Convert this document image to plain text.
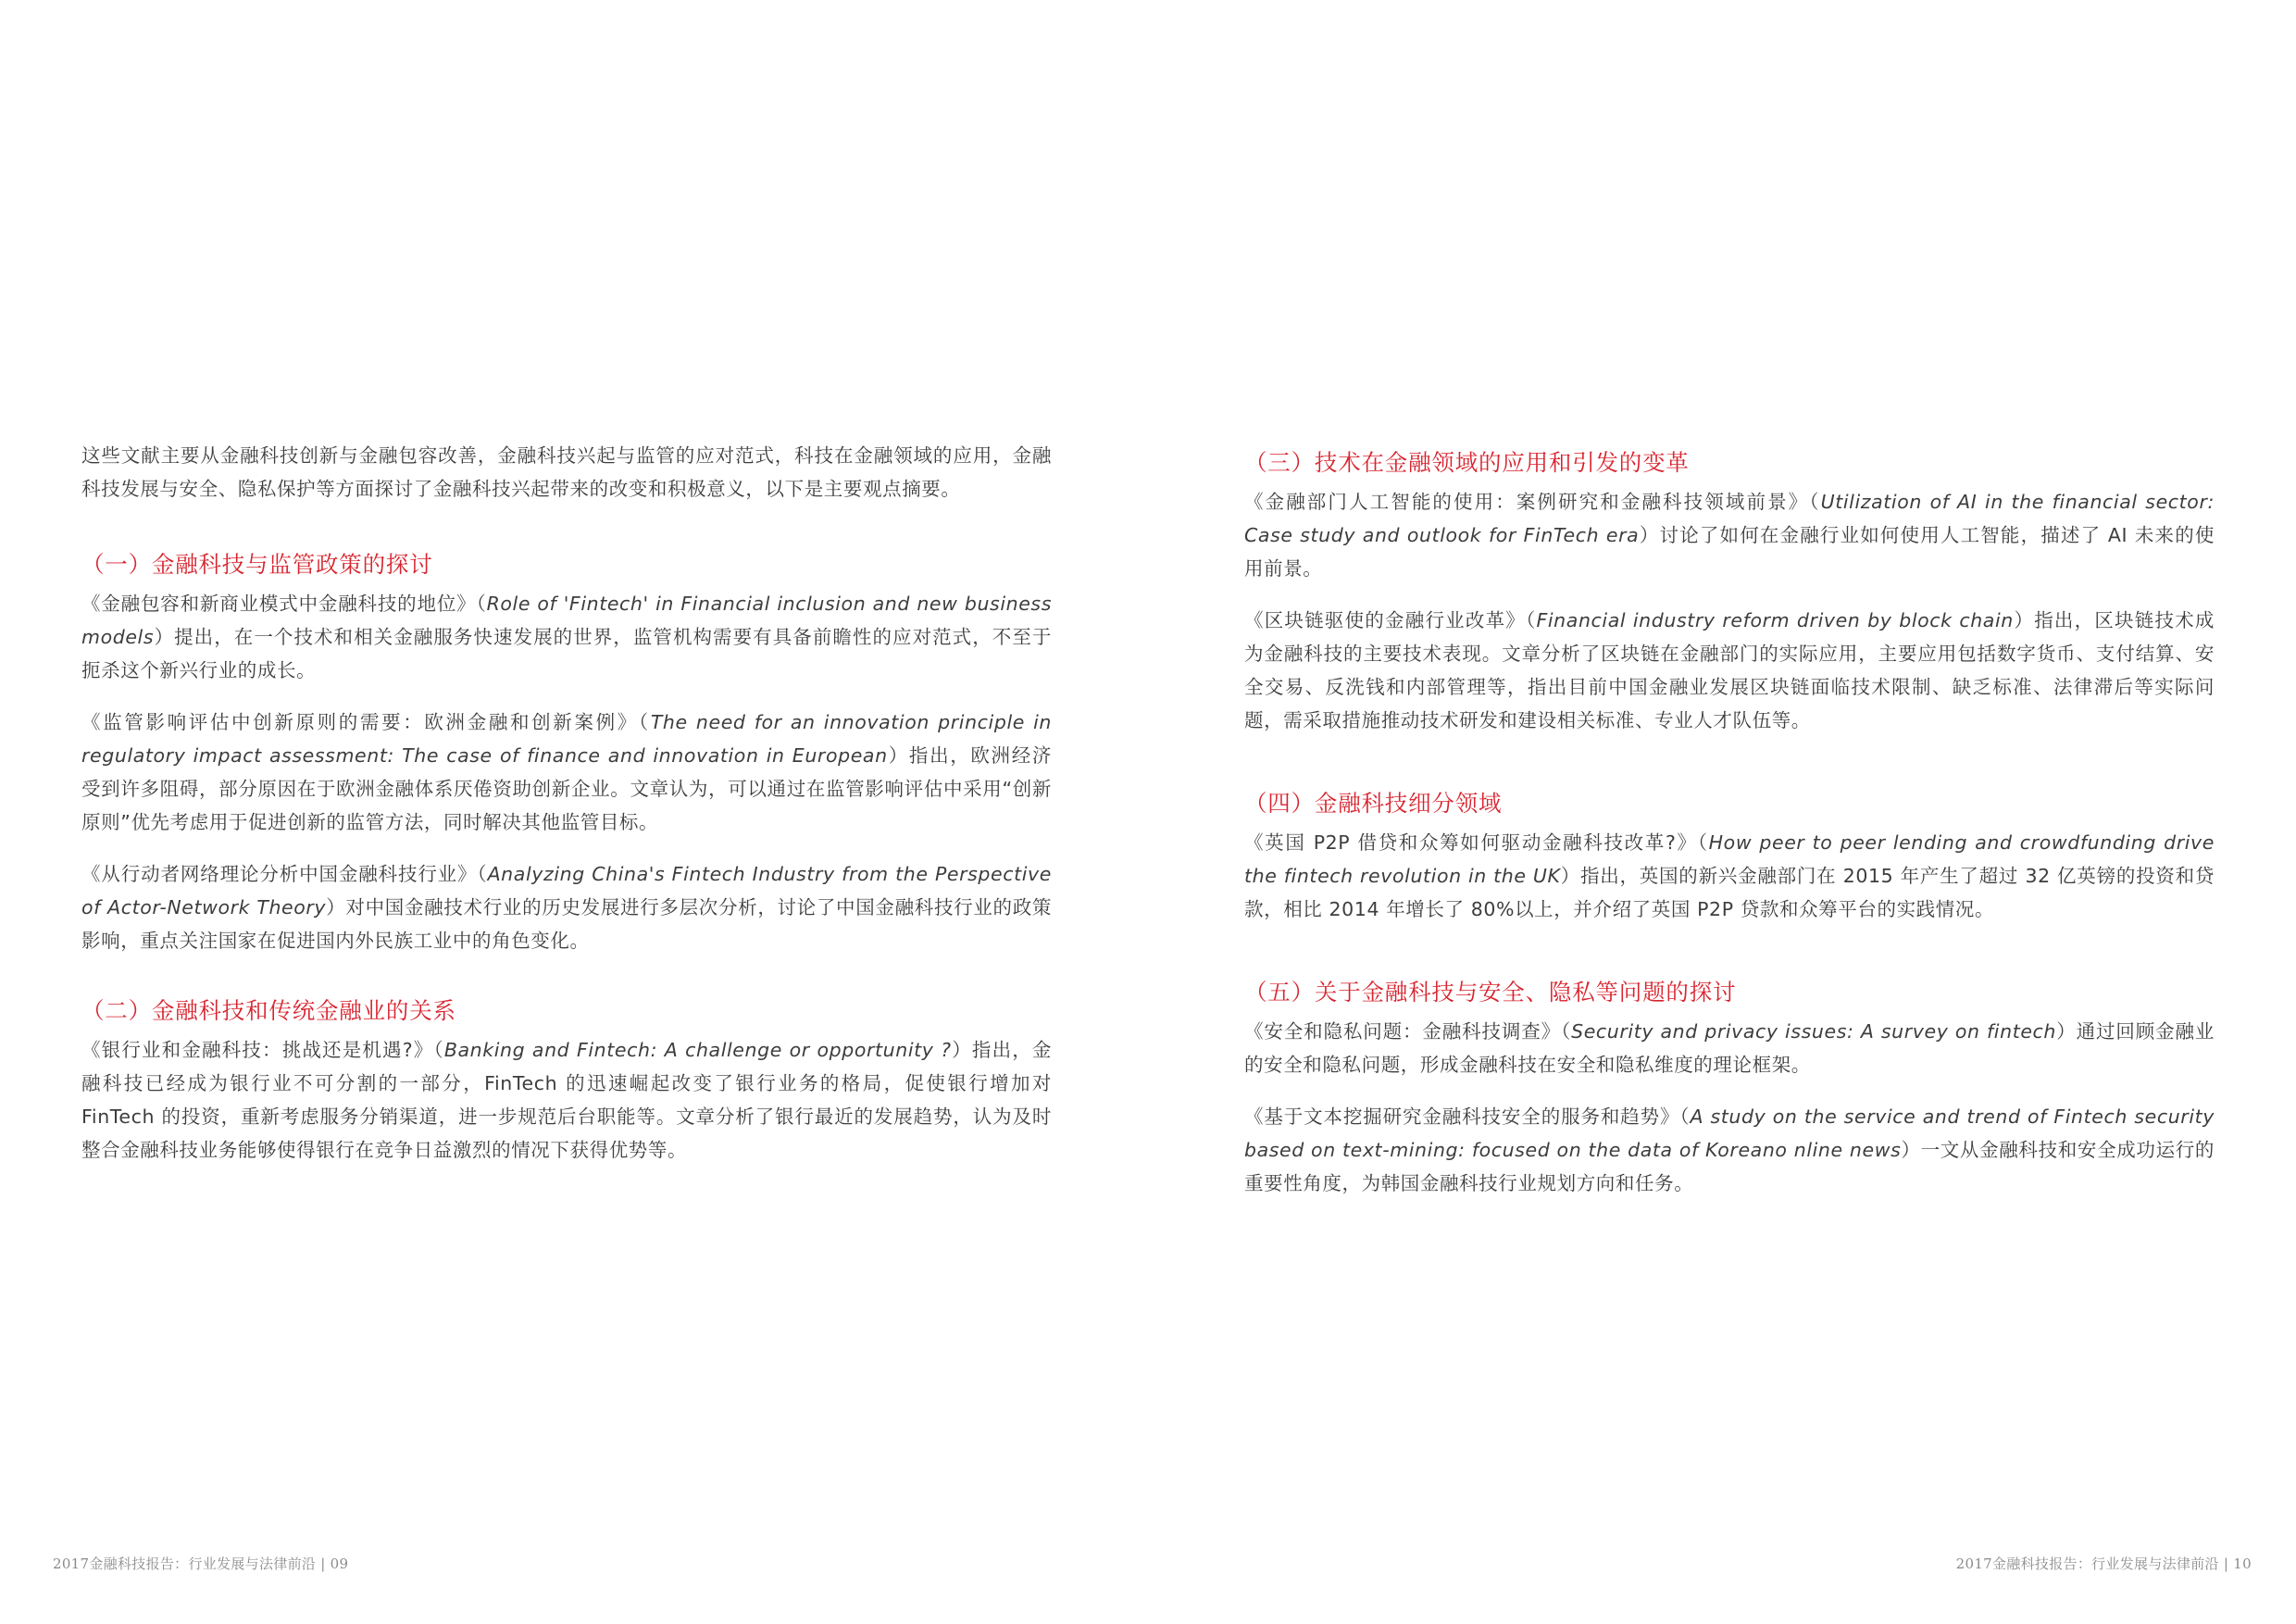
这些文献主要从金融科技创新与金融包容改善，金融科技兴起与监管的应对范式，科技在金融领域的应用，金融科技发展与安全、隐私保护等方面探讨了金融科技兴起带来的改变和积极意义，以下是主要观点摘要。

（一）金融科技与监管政策的探讨

《金融包容和新商业模式中金融科技的地位》（Role of 'Fintech' in Financial inclusion and new business models）提出，在一个技术和相关金融服务快速发展的世界，监管机构需要有具备前瞻性的应对范式，不至于扼杀这个新兴行业的成长。

《监管影响评估中创新原则的需要：欧洲金融和创新案例》（The need for an innovation principle in regulatory impact assessment: The case of finance and innovation in European）指出，欧洲经济受到许多阻碍，部分原因在于欧洲金融体系厌倦资助创新企业。文章认为，可以通过在监管影响评估中采用“创新原则”优先考虑用于促进创新的监管方法，同时解决其他监管目标。

《从行动者网络理论分析中国金融科技行业》（Analyzing China's Fintech Industry from the Perspective of Actor-Network Theory）对中国金融技术行业的历史发展进行多层次分析，讨论了中国金融科技行业的政策影响，重点关注国家在促进国内外民族工业中的角色变化。

（二）金融科技和传统金融业的关系

《银行业和金融科技：挑战还是机遇?》（Banking and Fintech: A challenge or opportunity ?）指出，金融科技已经成为银行业不可分割的一部分，FinTech 的迅速崛起改变了银行业务的格局，促使银行增加对 FinTech 的投资，重新考虑服务分销渠道，进一步规范后台职能等。文章分析了银行最近的发展趋势，认为及时整合金融科技业务能够使得银行在竞争日益激烈的情况下获得优势等。

2017金融科技报告：行业发展与法律前沿 | 09
（三）技术在金融领域的应用和引发的变革

《金融部门人工智能的使用：案例研究和金融科技领域前景》（Utilization of AI in the financial sector: Case study and outlook for FinTech era）讨论了如何在金融行业如何使用人工智能，描述了 AI 未来的使用前景。

《区块链驱使的金融行业改革》（Financial industry reform driven by block chain）指出，区块链技术成为金融科技的主要技术表现。文章分析了区块链在金融部门的实际应用，主要应用包括数字货币、支付结算、安全交易、反洗钱和内部管理等，指出目前中国金融业发展区块链面临技术限制、缺乏标准、法律滞后等实际问题，需采取措施推动技术研发和建设相关标准、专业人才队伍等。

（四）金融科技细分领域

《英国 P2P 借贷和众筹如何驱动金融科技改革?》（How peer to peer lending and crowdfunding drive the fintech revolution in the UK）指出，英国的新兴金融部门在 2015 年产生了超过 32 亿英镑的投资和贷款，相比 2014 年增长了 80%以上，并介绍了英国 P2P 贷款和众筹平台的实践情况。

（五）关于金融科技与安全、隐私等问题的探讨

《安全和隐私问题：金融科技调查》（Security and privacy issues: A survey on fintech）通过回顾金融业的安全和隐私问题，形成金融科技在安全和隐私维度的理论框架。

《基于文本挖掘研究金融科技安全的服务和趋势》（A study on the service and trend of Fintech security based on text-mining: focused on the data of Koreano nline news）一文从金融科技和安全成功运行的重要性角度，为韩国金融科技行业规划方向和任务。

2017金融科技报告：行业发展与法律前沿 | 10
